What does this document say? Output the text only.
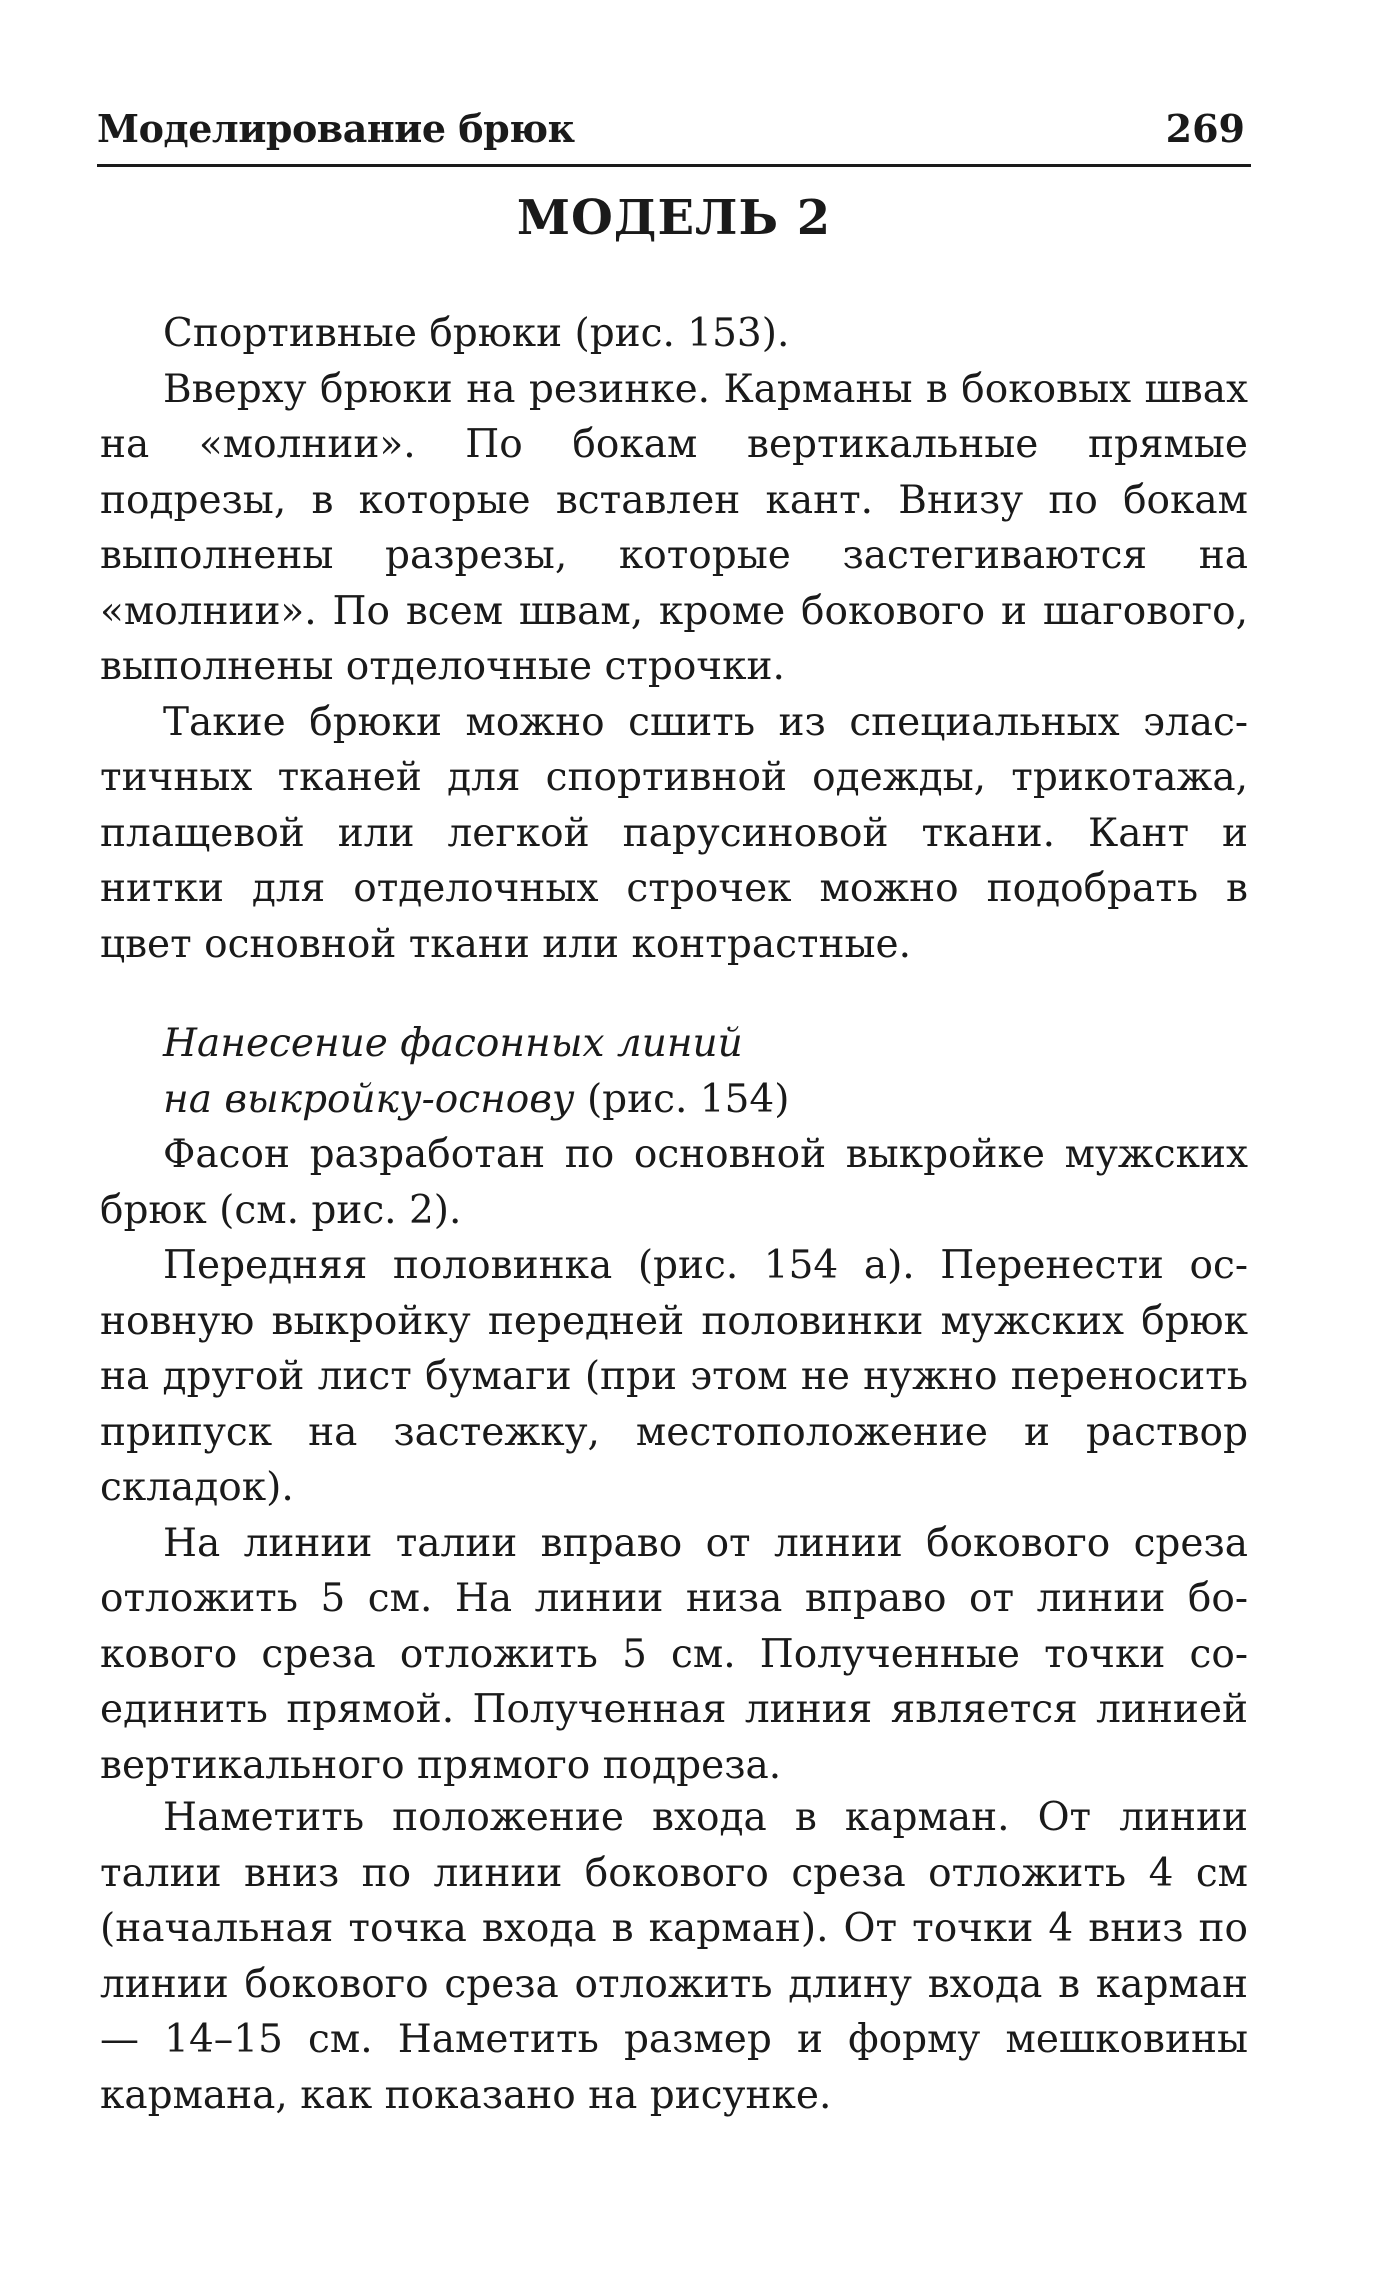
Моделирование брюк	269
МОДЕЛЬ 2

Спортивные брюки (рис. 153).

Вверху брюки на резинке. Карманы в боковых швах на «молнии». По бокам вертикальные прямые подрезы, в которые вставлен кант. Внизу по бокам выполнены разрезы, которые застегиваются на «молнии». По всем швам, кроме бокового и шагового, выполнены отделочные строчки.

Такие брюки можно сшить из специальных эластичных тканей для спортивной одежды, трикотажа, плащевой или легкой парусиновой ткани. Кант и нитки для отделочных строчек можно подобрать в цвет основной ткани или контрастные.

Нанесение фасонных линий
на выкройку-основу (рис. 154)

Фасон разработан по основной выкройке мужских брюк (см. рис. 2).

Передняя половинка (рис. 154 а). Перенести основную выкройку передней половинки мужских брюк на другой лист бумаги (при этом не нужно переносить припуск на застежку, местоположение и раствор складок).

На линии талии вправо от линии бокового среза отложить 5 см. На линии низа вправо от линии бокового среза отложить 5 см. Полученные точки соединить прямой. Полученная линия является линией вертикального прямого подреза.

Наметить положение входа в карман. От линии талии вниз по линии бокового среза отложить 4 см (начальная точка входа в карман). От точки 4 вниз по линии бокового среза отложить длину входа в карман — 14–15 см. Наметить размер и форму мешковины кармана, как показано на рисунке.
